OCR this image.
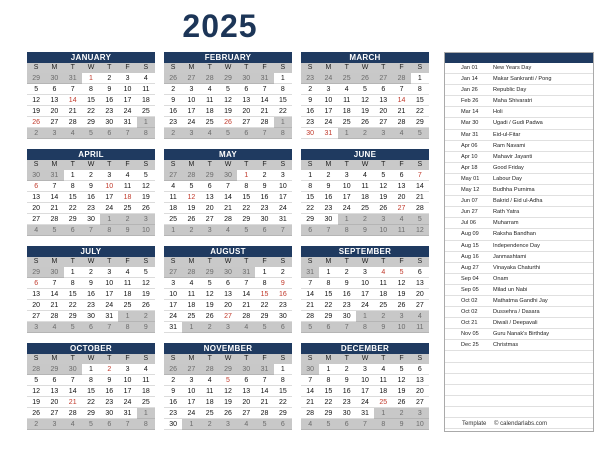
2025
JANUARY
S	M	T	W	T	F	S
29	30	31	1	2	3	4
5	6	7	8	9	10	11
12	13	14	15	16	17	18
19	20	21	22	23	24	25
26	27	28	29	30	31	1
2	3	4	5	6	7	8
FEBRUARY
S	M	T	W	T	F	S
26	27	28	29	30	31	1
2	3	4	5	6	7	8
9	10	11	12	13	14	15
16	17	18	19	20	21	22
23	24	25	26	27	28	1
2	3	4	5	6	7	8
MARCH
S	M	T	W	T	F	S
23	24	25	26	27	28	1
2	3	4	5	6	7	8
9	10	11	12	13	14	15
16	17	18	19	20	21	22
23	24	25	26	27	28	29
30	31	1	2	3	4	5
APRIL
S	M	T	W	T	F	S
30	31	1	2	3	4	5
6	7	8	9	10	11	12
13	14	15	16	17	18	19
20	21	22	23	24	25	26
27	28	29	30	1	2	3
4	5	6	7	8	9	10
MAY
S	M	T	W	T	F	S
27	28	29	30	1	2	3
4	5	6	7	8	9	10
11	12	13	14	15	16	17
18	19	20	21	22	23	24
25	26	27	28	29	30	31
1	2	3	4	5	6	7
JUNE
S	M	T	W	T	F	S
1	2	3	4	5	6	7
8	9	10	11	12	13	14
15	16	17	18	19	20	21
22	23	24	25	26	27	28
29	30	1	2	3	4	5
6	7	8	9	10	11	12
JULY
S	M	T	W	T	F	S
29	30	1	2	3	4	5
6	7	8	9	10	11	12
13	14	15	16	17	18	19
20	21	22	23	24	25	26
27	28	29	30	31	1	2
3	4	5	6	7	8	9
AUGUST
S	M	T	W	T	F	S
27	28	29	30	31	1	2
3	4	5	6	7	8	9
10	11	12	13	14	15	16
17	18	19	20	21	22	23
24	25	26	27	28	29	30
31	1	2	3	4	5	6
SEPTEMBER
S	M	T	W	T	F	S
31	1	2	3	4	5	6
7	8	9	10	11	12	13
14	15	16	17	18	19	20
21	22	23	24	25	26	27
28	29	30	1	2	3	4
5	6	7	8	9	10	11
OCTOBER
S	M	T	W	T	F	S
28	29	30	1	2	3	4
5	6	7	8	9	10	11
12	13	14	15	16	17	18
19	20	21	22	23	24	25
26	27	28	29	30	31	1
2	3	4	5	6	7	8
NOVEMBER
S	M	T	W	T	F	S
26	27	28	29	30	31	1
2	3	4	5	6	7	8
9	10	11	12	13	14	15
16	17	18	19	20	21	22
23	24	25	26	27	28	29
30	1	2	3	4	5	6
DECEMBER
S	M	T	W	T	F	S
30	1	2	3	4	5	6
7	8	9	10	11	12	13
14	15	16	17	18	19	20
21	22	23	24	25	26	27
28	29	30	31	1	2	3
4	5	6	7	8	9	10
Jan 01	New Years Day
Jan 14	Makar Sankranti / Pong
Jan 26	Republic Day
Feb 26	Maha Shivaratri
Mar 14	Holi
Mar 30	Ugadi / Gudi Padwa
Mar 31	Eid-ul-Fitar
Apr 06	Ram Navami
Apr 10	Mahavir Jayanti
Apr 18	Good Friday
May 01	Labour Day
May 12	Budhha Purnima
Jun 07	Bakrid / Eid ul-Adha
Jun 27	Rath Yatra
Jul 06	Muharram
Aug 09	Raksha Bandhan
Aug 15	Independence Day
Aug 16	Janmashtami
Aug 27	Vinayaka Chaturthi
Sep 04	Onam
Sep 05	Milad un Nabi
Oct 02	Mathatma Gandhi Jay
Oct 02	Dussehra / Dasara
Oct 21	Diwali / Deepavali
Nov 05	Guru Nanak's Birthday
Dec 25	Christmas
Template © calendarlabs.com
